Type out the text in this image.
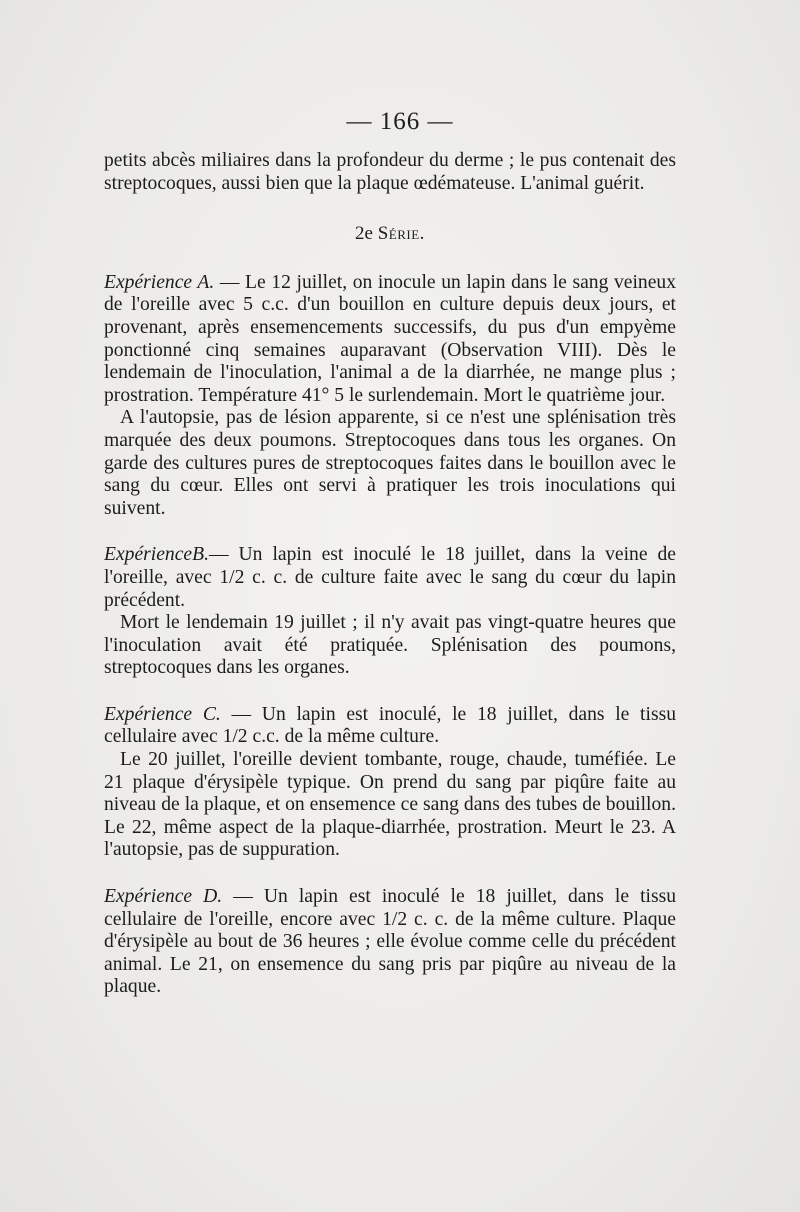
— 166 —

petits abcès miliaires dans la profondeur du derme ; le pus contenait des streptocoques, aussi bien que la plaque œdémateuse. L'animal guérit.

2e Série.

Expérience A. — Le 12 juillet, on inocule un lapin dans le sang veineux de l'oreille avec 5 c.c. d'un bouillon en culture depuis deux jours, et provenant, après ensemencements successifs, du pus d'un empyème ponctionné cinq semaines auparavant (Observation VIII). Dès le lendemain de l'inoculation, l'animal a de la diarrhée, ne mange plus ; prostration. Température 41° 5 le surlendemain. Mort le quatrième jour.

A l'autopsie, pas de lésion apparente, si ce n'est une splénisation très marquée des deux poumons. Streptocoques dans tous les organes. On garde des cultures pures de streptocoques faites dans le bouillon avec le sang du cœur. Elles ont servi à pratiquer les trois inoculations qui suivent.

ExpérienceB.— Un lapin est inoculé le 18 juillet, dans la veine de l'oreille, avec 1/2 c. c. de culture faite avec le sang du cœur du lapin précédent.

Mort le lendemain 19 juillet ; il n'y avait pas vingt-quatre heures que l'inoculation avait été pratiquée. Splénisation des poumons, streptocoques dans les organes.

Expérience C. — Un lapin est inoculé, le 18 juillet, dans le tissu cellulaire avec 1/2 c.c. de la même culture.

Le 20 juillet, l'oreille devient tombante, rouge, chaude, tuméfiée. Le 21 plaque d'érysipèle typique. On prend du sang par piqûre faite au niveau de la plaque, et on ensemence ce sang dans des tubes de bouillon. Le 22, même aspect de la plaque-diarrhée, prostration. Meurt le 23. A l'autopsie, pas de suppuration.

Expérience D. — Un lapin est inoculé le 18 juillet, dans le tissu cellulaire de l'oreille, encore avec 1/2 c. c. de la même culture. Plaque d'érysipèle au bout de 36 heures ; elle évolue comme celle du précédent animal. Le 21, on ensemence du sang pris par piqûre au niveau de la plaque.
